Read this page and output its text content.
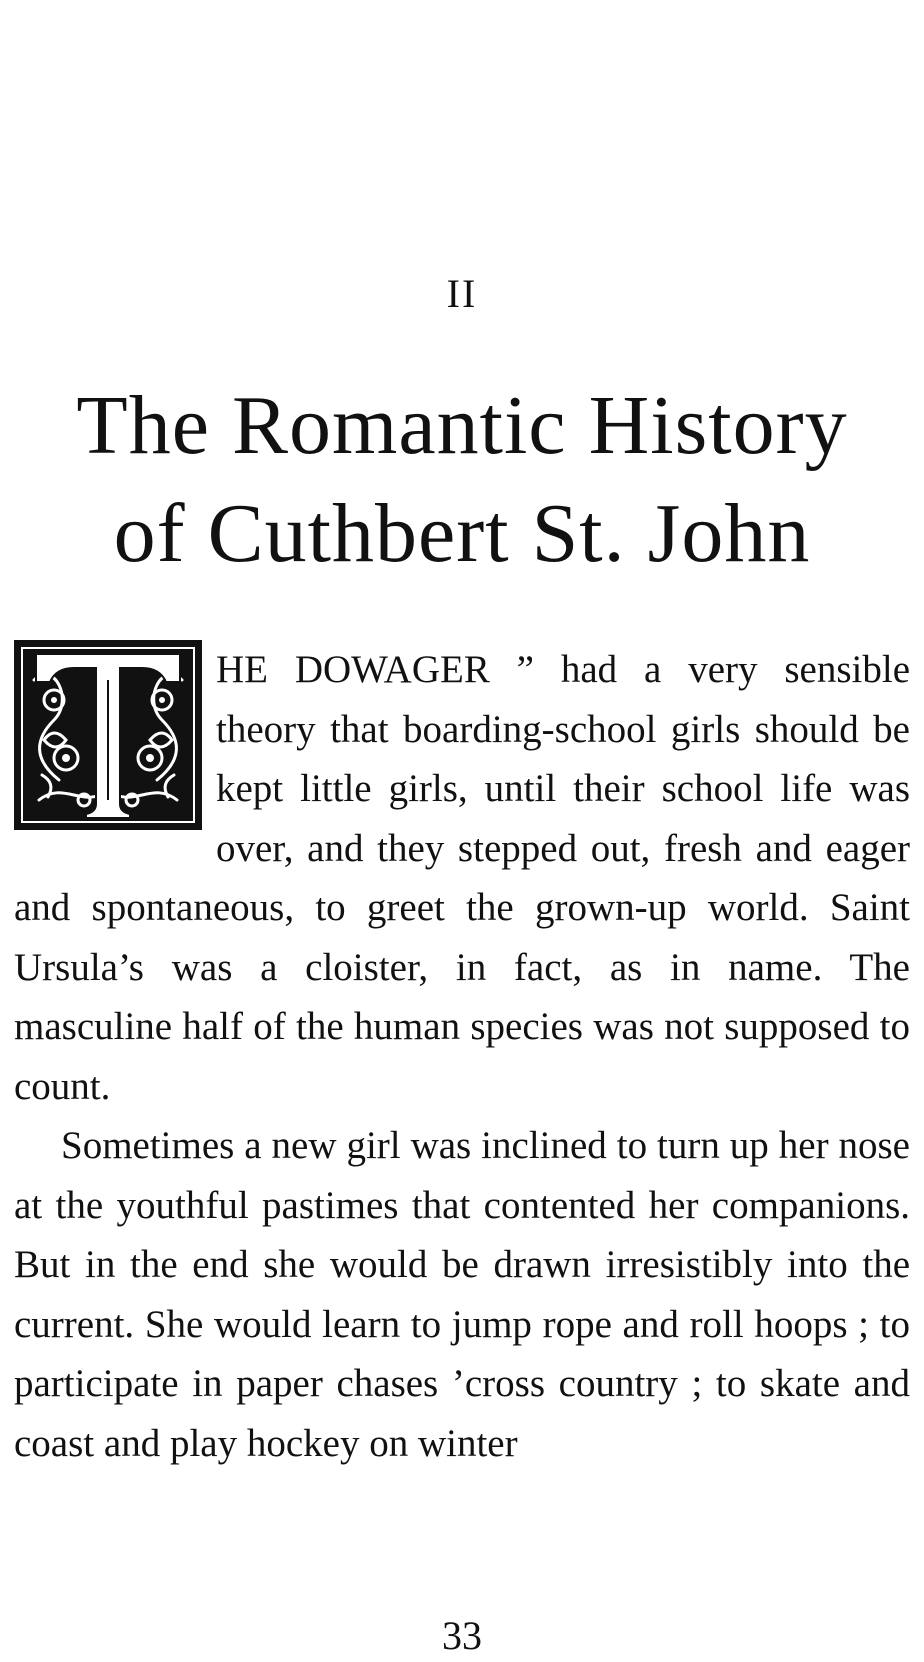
II
The Romantic History
of Cuthbert St. John

HE DOWAGER ” had a very sensible theory that boarding-school girls should be kept little girls, until their school life was over, and they stepped out, fresh and eager and spontaneous, to greet the grown-up world. Saint Ursula’s was a cloister, in fact, as in name. The masculine half of the human species was not supposed to count.

Sometimes a new girl was inclined to turn up her nose at the youthful pastimes that contented her companions. But in the end she would be drawn irresistibly into the current. She would learn to jump rope and roll hoops ; to participate in paper chases ’cross country ; to skate and coast and play hockey on winter

33
